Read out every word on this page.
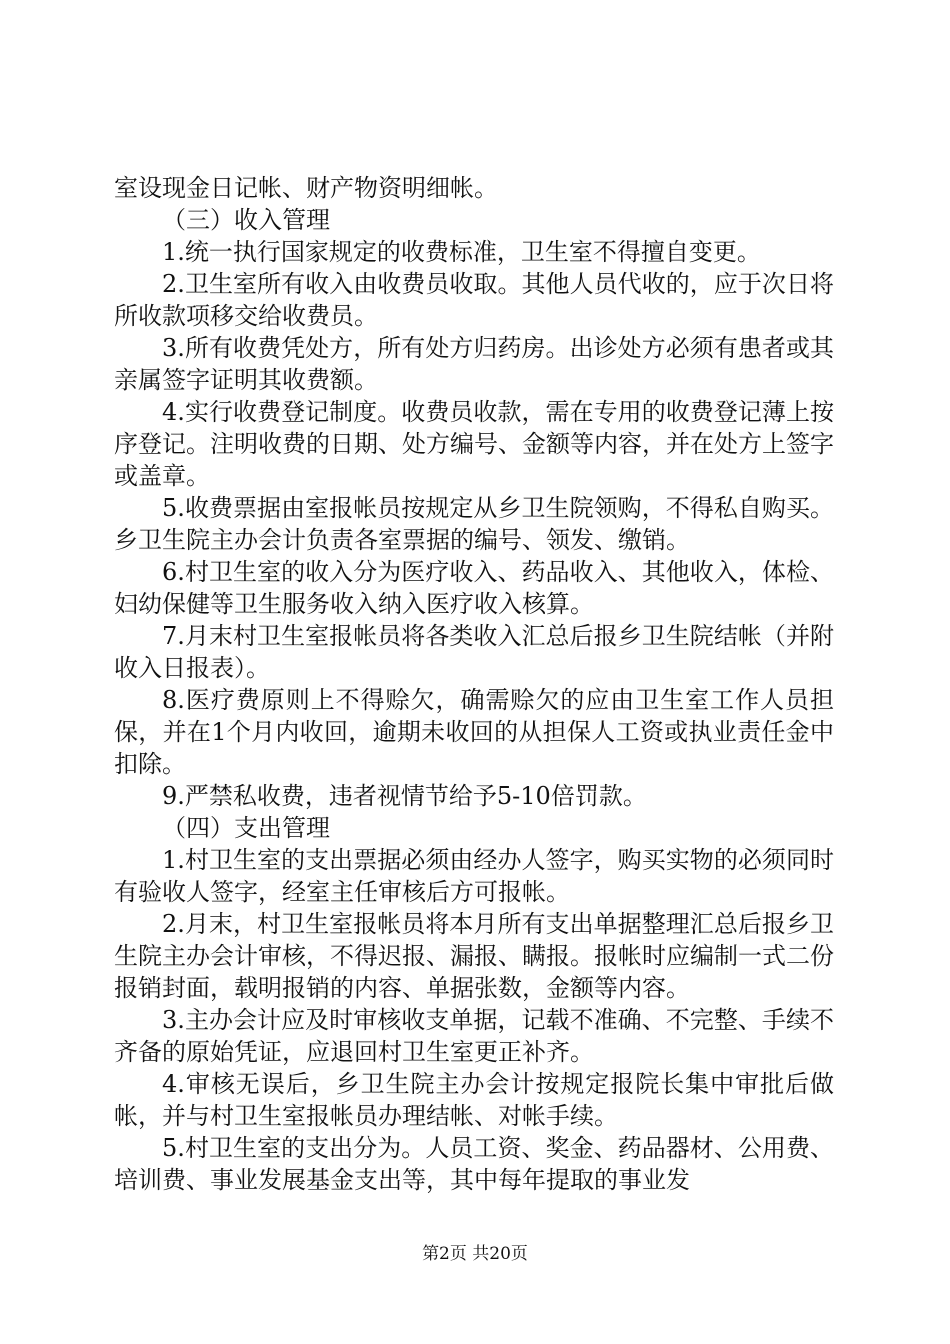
室设现金日记帐、财产物资明细帐。

（三）收入管理

1.统一执行国家规定的收费标准，卫生室不得擅自变更。

2.卫生室所有收入由收费员收取。其他人员代收的，应于次日将所收款项移交给收费员。

3.所有收费凭处方，所有处方归药房。出诊处方必须有患者或其亲属签字证明其收费额。

4.实行收费登记制度。收费员收款，需在专用的收费登记薄上按序登记。注明收费的日期、处方编号、金额等内容，并在处方上签字或盖章。

5.收费票据由室报帐员按规定从乡卫生院领购，不得私自购买。乡卫生院主办会计负责各室票据的编号、领发、缴销。

6.村卫生室的收入分为医疗收入、药品收入、其他收入，体检、妇幼保健等卫生服务收入纳入医疗收入核算。

7.月末村卫生室报帐员将各类收入汇总后报乡卫生院结帐（并附收入日报表）。

8.医疗费原则上不得赊欠，确需赊欠的应由卫生室工作人员担保，并在1个月内收回，逾期未收回的从担保人工资或执业责任金中扣除。

9.严禁私收费，违者视情节给予5-10倍罚款。

（四）支出管理

1.村卫生室的支出票据必须由经办人签字，购买实物的必须同时有验收人签字，经室主任审核后方可报帐。

2.月末，村卫生室报帐员将本月所有支出单据整理汇总后报乡卫生院主办会计审核，不得迟报、漏报、瞒报。报帐时应编制一式二份报销封面，载明报销的内容、单据张数，金额等内容。

3.主办会计应及时审核收支单据，记载不准确、不完整、手续不齐备的原始凭证，应退回村卫生室更正补齐。

4.审核无误后，乡卫生院主办会计按规定报院长集中审批后做帐，并与村卫生室报帐员办理结帐、对帐手续。

5.村卫生室的支出分为。人员工资、奖金、药品器材、公用费、培训费、事业发展基金支出等，其中每年提取的事业发

第2页 共20页
